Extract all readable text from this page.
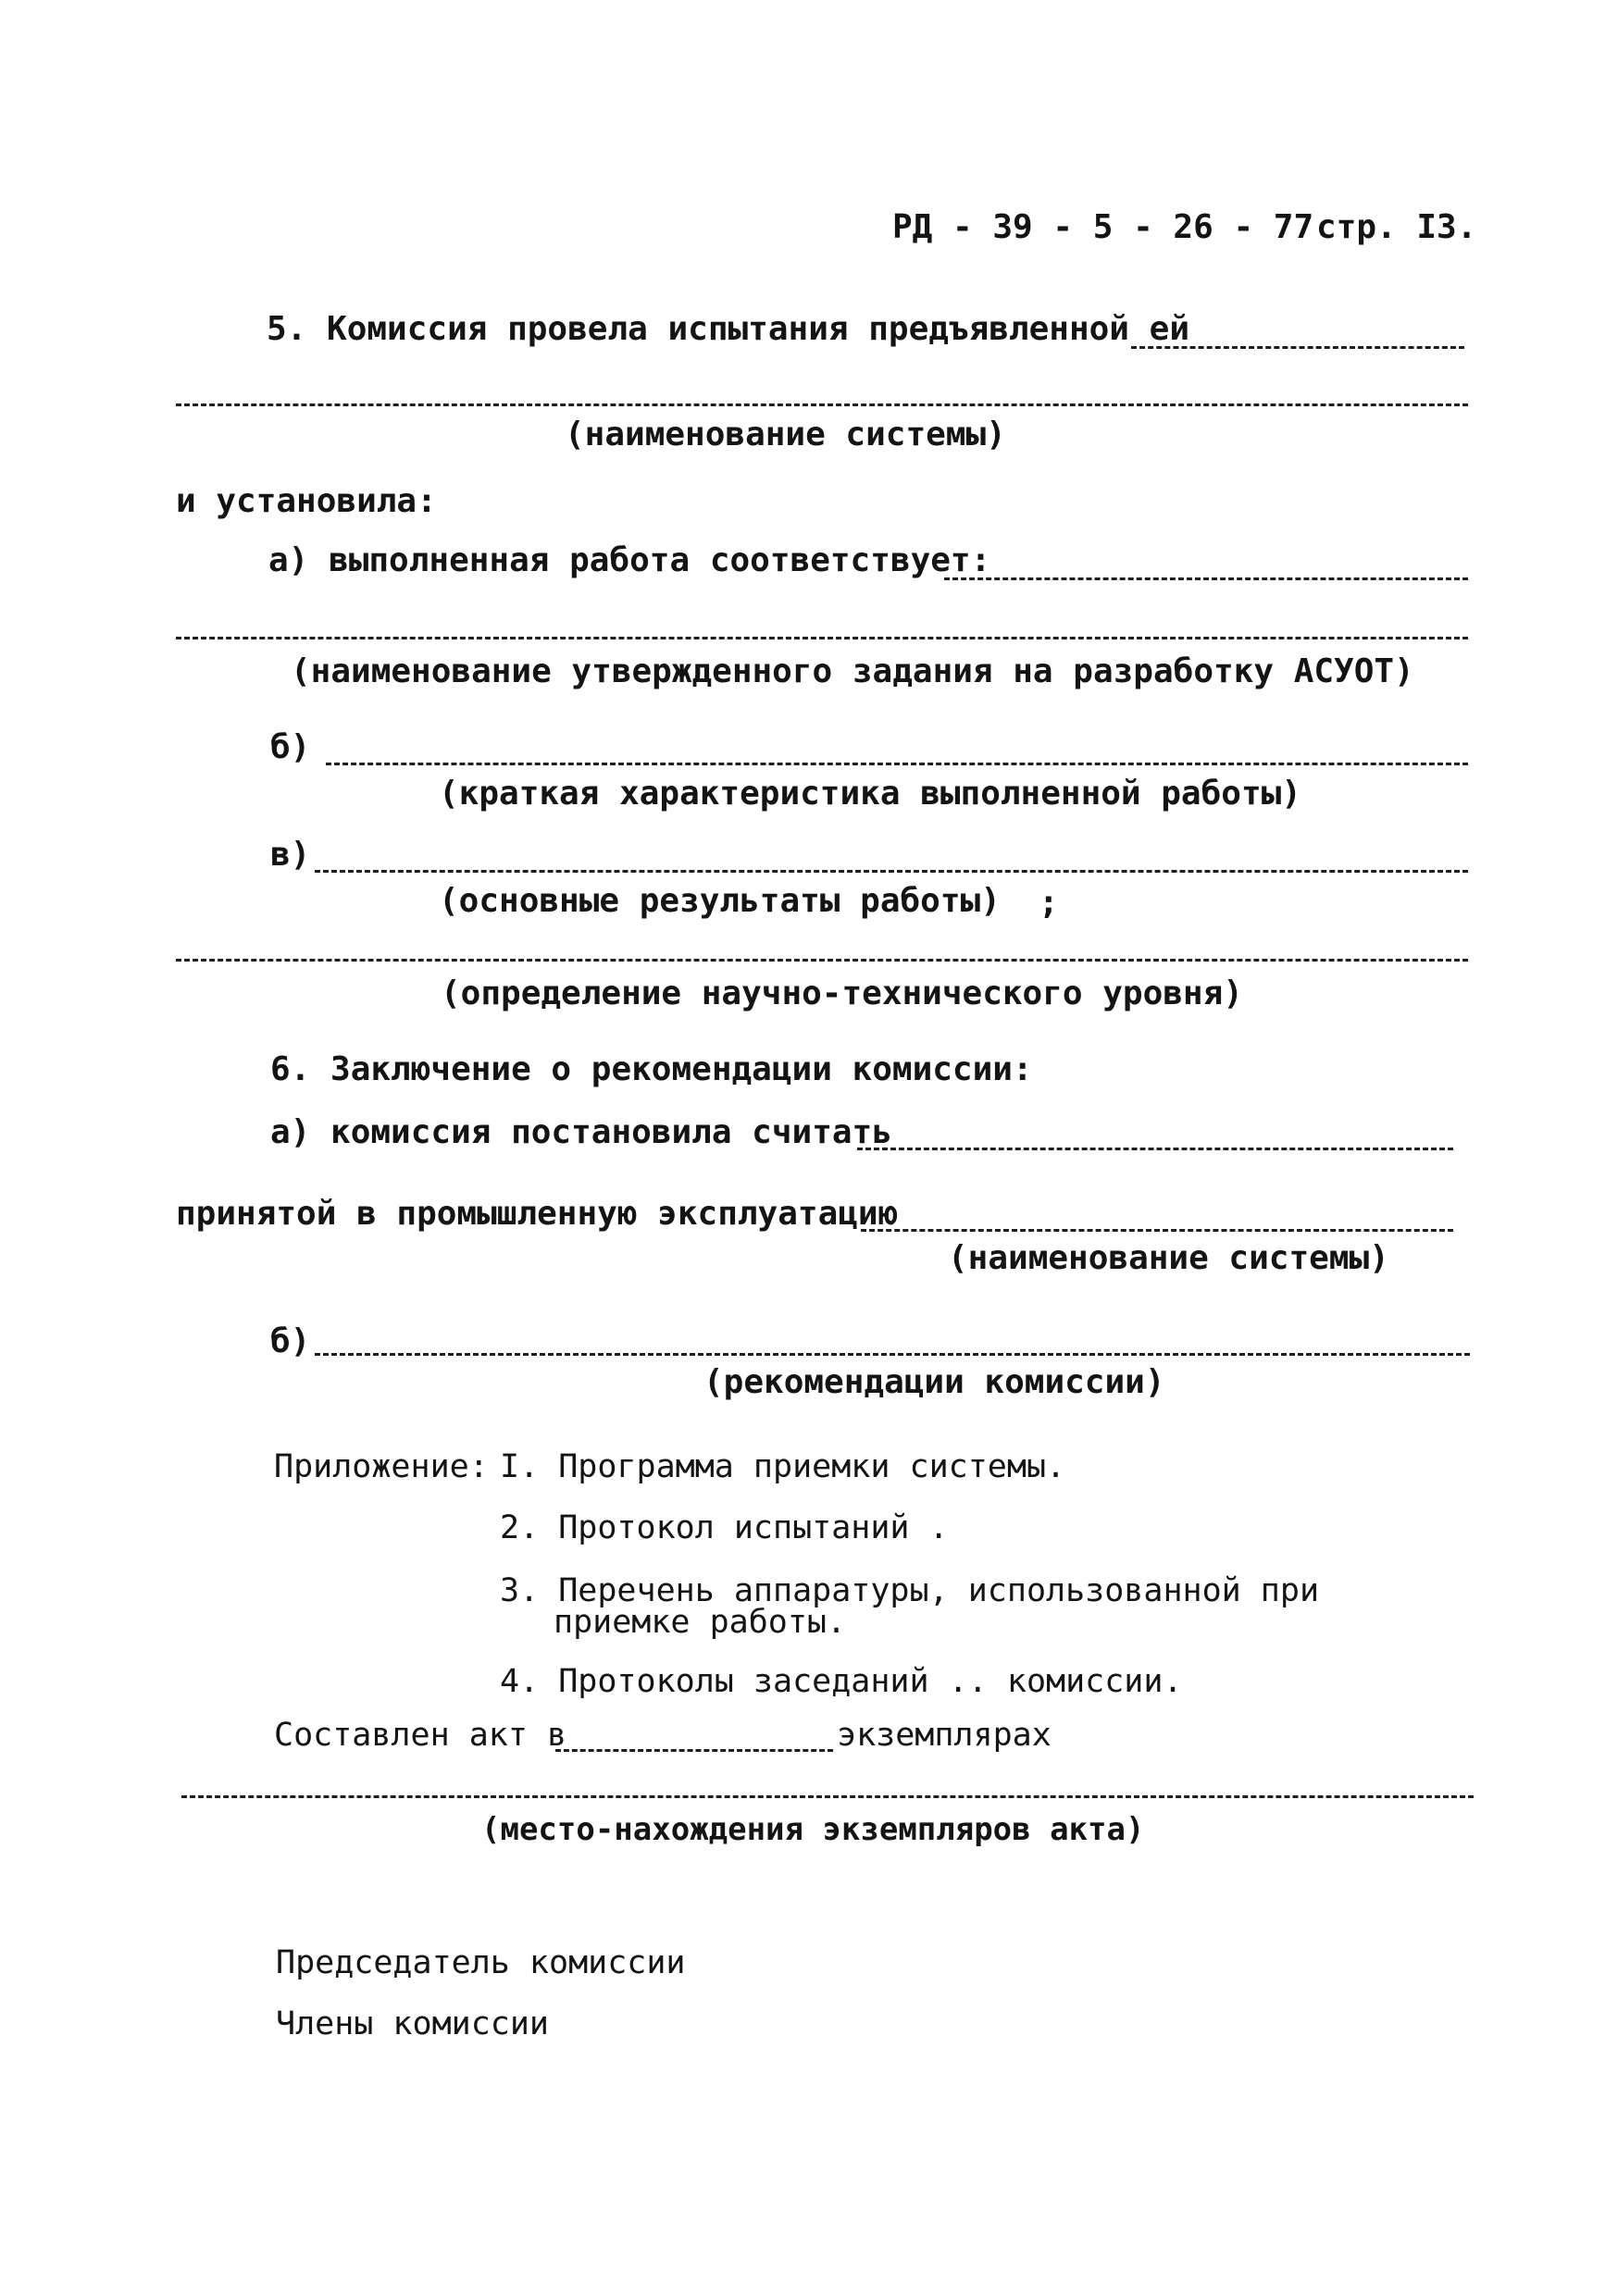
РД - 39 - 5 - 26 - 77 стр. I3.
5. Комиссия провела испытания предъявленной ей
(наименование системы)
и установила:
а) выполненная работа соответствует:
(наименование утвержденного задания на разработку АСУОТ)
б)
(краткая характеристика выполненной работы)
в)
(основные результаты работы) ;
(определение научно-технического уровня)
6. Заключение о рекомендации комиссии:
а) комиссия постановила считать
принятой в промышленную эксплуатацию
(наименование системы)
б)
(рекомендации комиссии)
Приложение: I. Программа приемки системы.
2. Протокол испытаний .
3. Перечень аппаратуры, использованной при
приемке работы.
4. Протоколы заседаний .. комиссии.
Составлен акт в	экземплярах
(место-нахождения экземпляров акта)
Председатель комиссии
Члены комиссии
